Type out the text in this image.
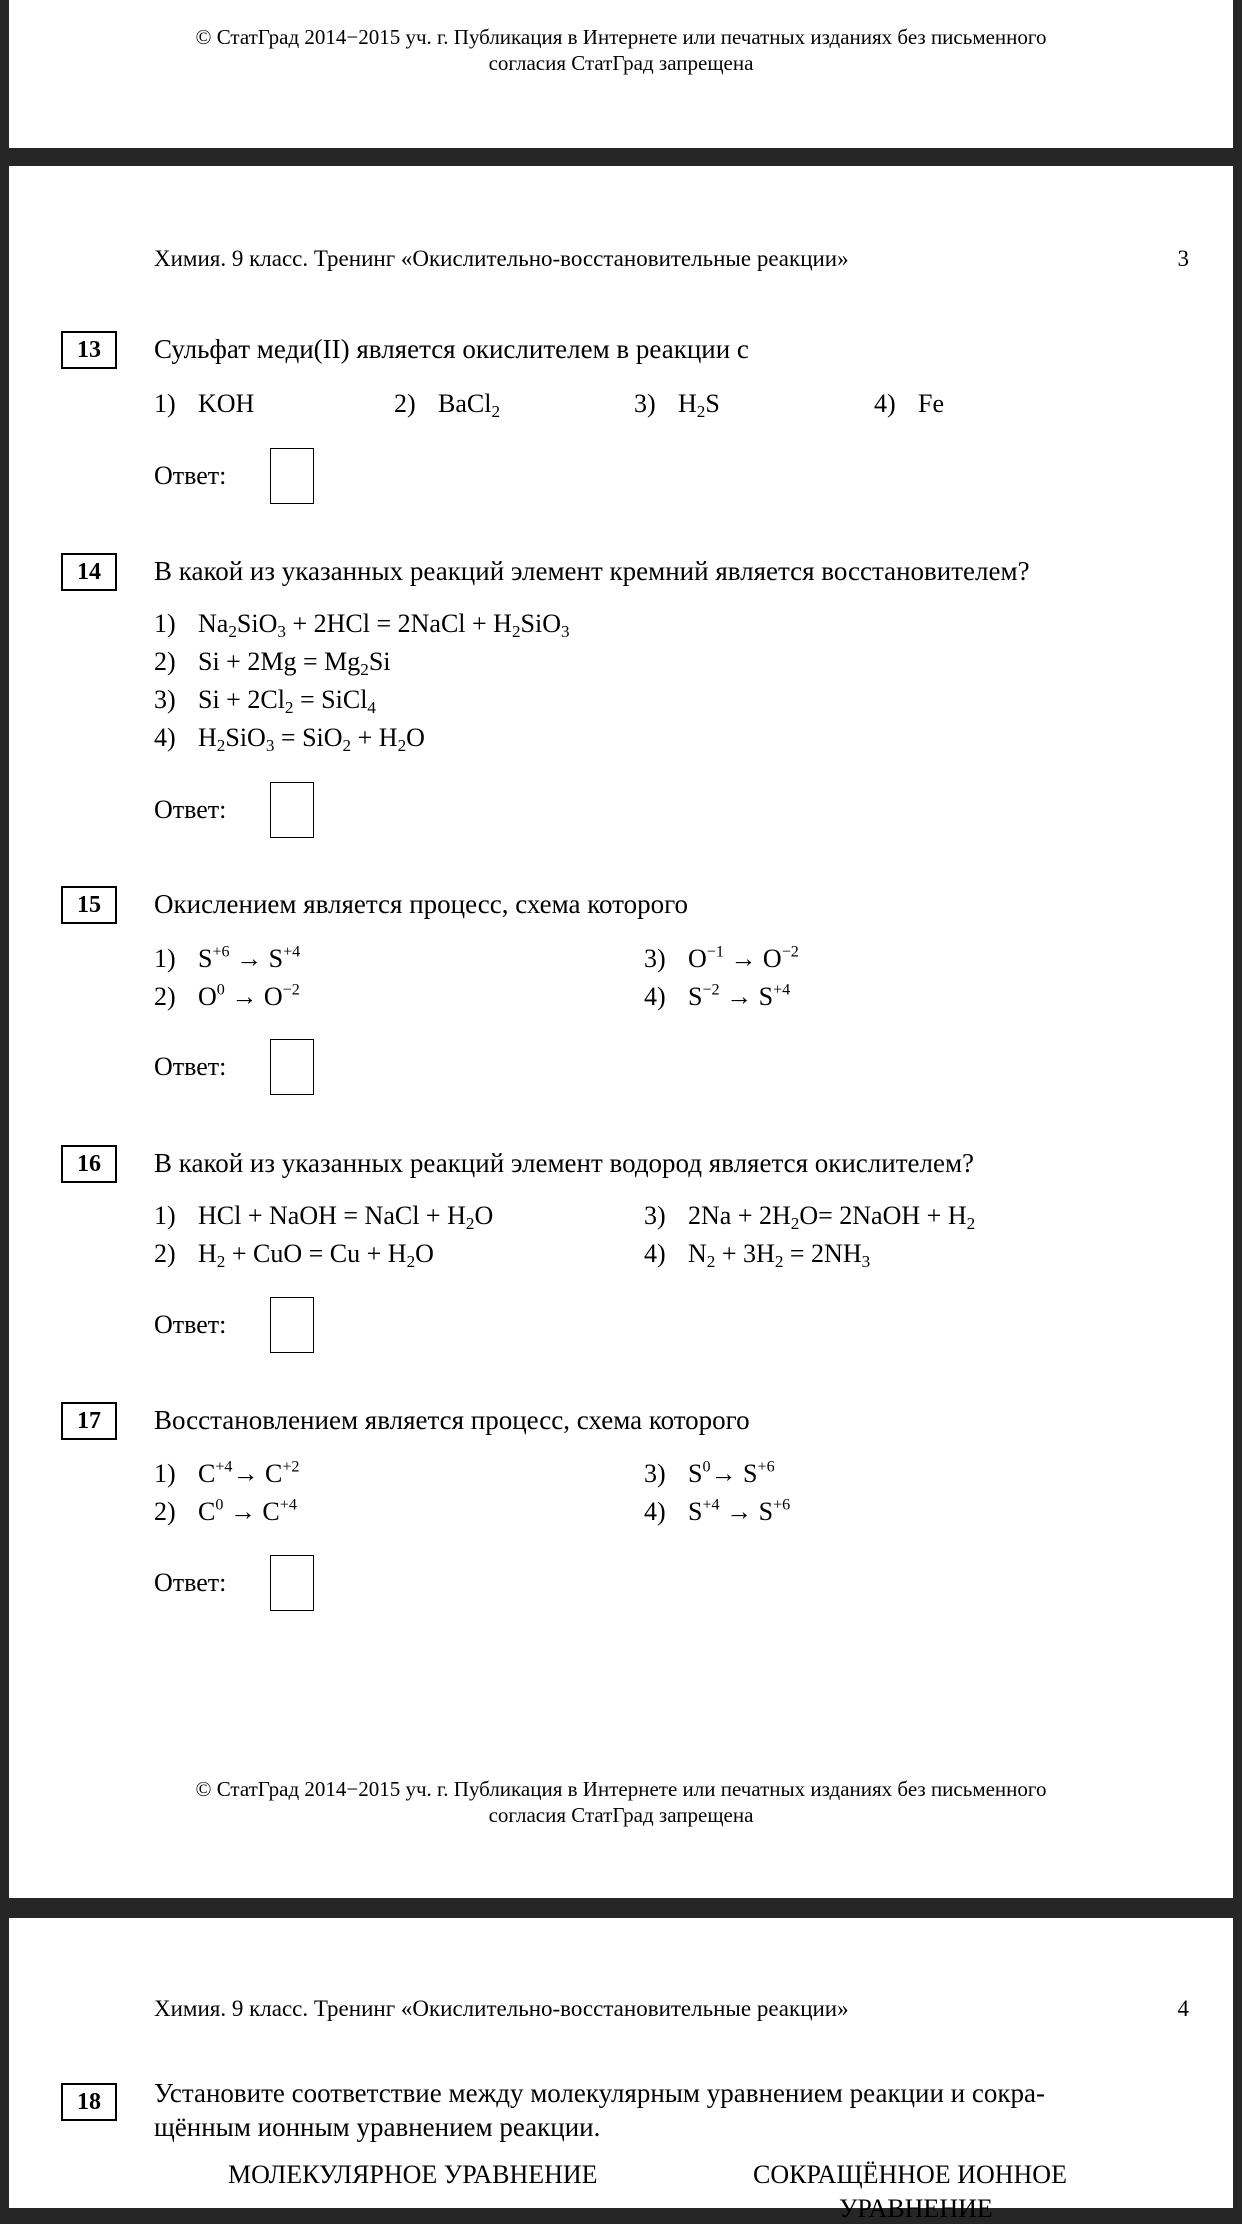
© СтатГрад 2014−2015 уч. г. Публикация в Интернете или печатных изданиях без письменного
согласия СтатГрад запрещена
Химия. 9 класс. Тренинг «Окислительно-восстановительные реакции»	3
13	Сульфат меди(II) является окислителем в реакции с
1) KOH	2) BaCl$_2$	3) $H_2S$	4) Fe
Ответ:
14	В какой из указанных реакций элемент кремний является восстановителем?
1) $Na_2SiO_3 + 2HCl$ = 2NaCl + $H_2SiO_3$
2) $Si + 2Mg = Mg_2Si$
3) $Si + 2Cl_2$ = SiCl$_4$
4) $H_2SiO_3 = SiO_2 + H_2O$
Ответ:
15	Окислением является процесс, схема которого
1) $S^{+6} \to S^{+4}$
2) $O^0 \to O^{-2}$
3) $O^{-1} \to O^{-2}$
4) $S^{-2} \to S^{+4}$
Ответ:
16	В какой из указанных реакций элемент водород является окислителем?
1) HCl + NaOH = NaCl + $H_2O$
2) $H_2$ + CuO = $Cu + H_2O$
3) $2Na + 2H_2O=$ 2NaOH + $H_2$
4) $N_2 + 3H_2 = 2NH_3$
Ответ:
17	Восстановлением является процесс, схема которого
1) $C^{+4}\to C^{+2}$
2) $C^0 \to C^{+4}$
3) $S^0\to S^{+6}$
4) $S^{+4} \to S^{+6}$
Ответ:
© СтатГрад 2014−2015 уч. г. Публикация в Интернете или печатных изданиях без письменного
согласия СтатГрад запрещена
Химия. 9 класс. Тренинг «Окислительно-восстановительные реакции»	4
18	Установите соответствие между молекулярным уравнением реакции и сокра-
щённым ионным уравнением реакции.
МОЛЕКУЛЯРНОЕ УРАВНЕНИЕ	СОКРАЩЁННОЕ ИОННОЕ
УРАВНЕНИЕ
